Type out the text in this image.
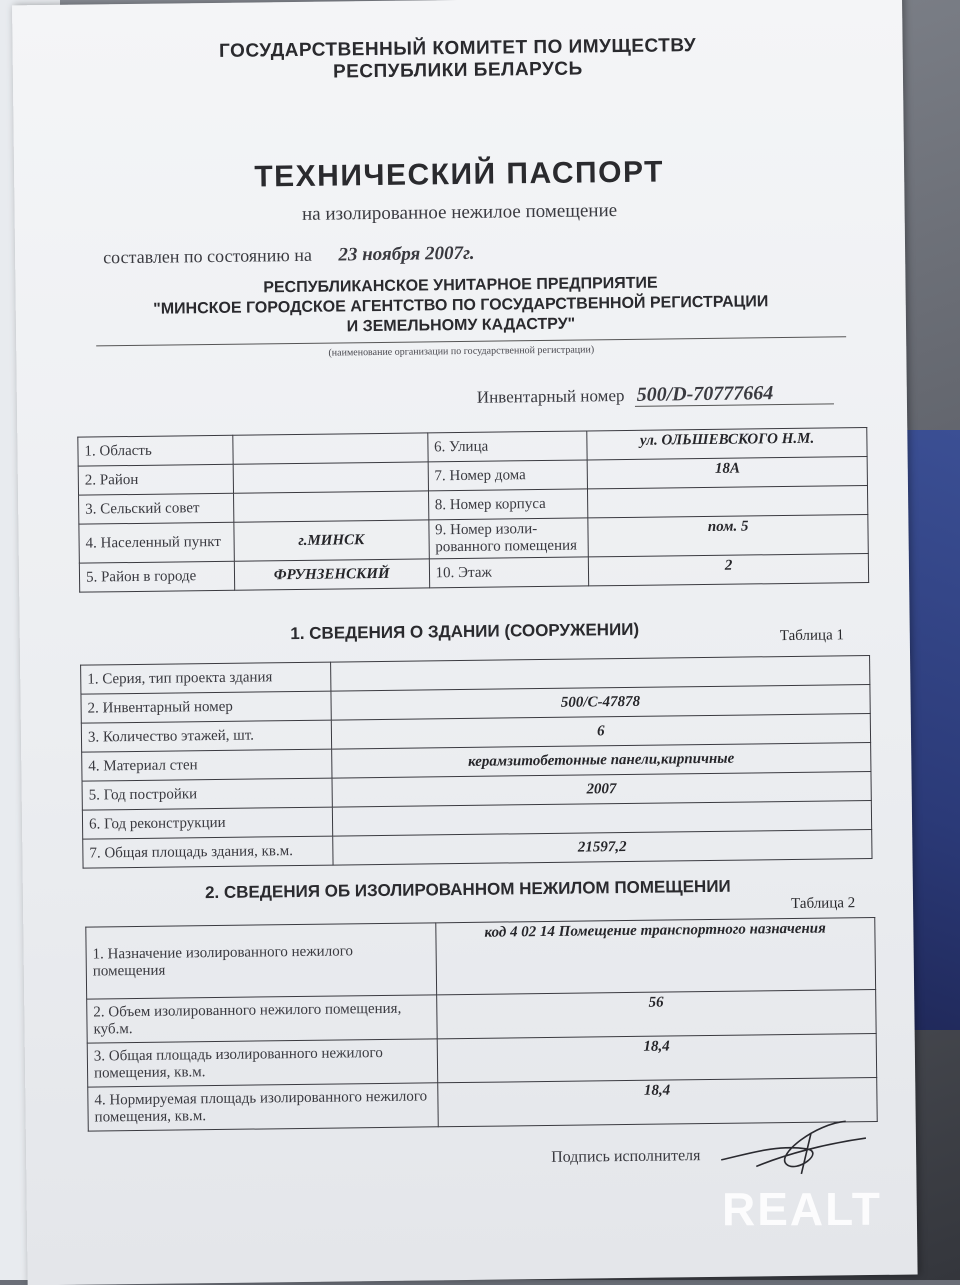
ГОСУДАРСТВЕННЫЙ КОМИТЕТ ПО ИМУЩЕСТВУ
РЕСПУБЛИКИ БЕЛАРУСЬ
ТЕХНИЧЕСКИЙ ПАСПОРТ
на изолированное нежилое помещение
составлен по состоянию на 23 ноября 2007г.
РЕСПУБЛИКАНСКОЕ УНИТАРНОЕ ПРЕДПРИЯТИЕ
"МИНСКОЕ ГОРОДСКОЕ АГЕНТСТВО ПО ГОСУДАРСТВЕННОЙ РЕГИСТРАЦИИ
И ЗЕМЕЛЬНОМУ КАДАСТРУ"
(наименование организации по государственной регистрации)
Инвентарный номер 500/D-70777664
1. Область		6. Улица	ул. ОЛЬШЕВСКОГО Н.М.
2. Район		7. Номер дома	18А
3. Сельский совет		8. Номер корпуса	
4. Населенный пункт	г.МИНСК	9. Номер изолированного помещения	пом. 5
5. Район в городе	ФРУНЗЕНСКИЙ	10. Этаж	2
1. СВЕДЕНИЯ О ЗДАНИИ (СООРУЖЕНИИ)	Таблица 1
1. Серия, тип проекта здания	
2. Инвентарный номер	500/С-47878
3. Количество этажей, шт.	6
4. Материал стен	керамзитобетонные панели,кирпичные
5. Год постройки	2007
6. Год реконструкции	
7. Общая площадь здания, кв.м.	21597,2
2. СВЕДЕНИЯ ОБ ИЗОЛИРОВАННОМ НЕЖИЛОМ ПОМЕЩЕНИИ
Таблица 2
1. Назначение изолированного нежилого помещения	код 4 02 14 Помещение транспортного назначения
2. Объем изолированного нежилого помещения, куб.м.	56
3. Общая площадь изолированного нежилого помещения, кв.м.	18,4
4. Нормируемая площадь изолированного нежилого помещения, кв.м.	18,4
Подпись исполнителя
REALT
